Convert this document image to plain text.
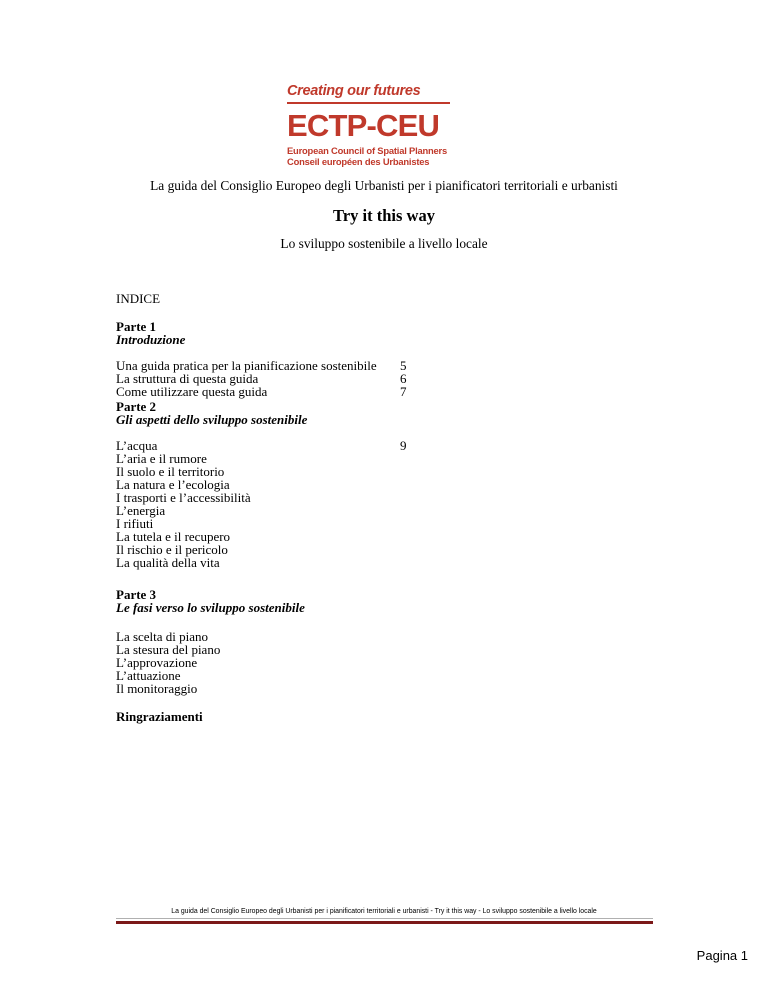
Creating our futures
ECTP-CEU
European Council of Spatial Planners
Conseil européen des Urbanistes
La guida del Consiglio Europeo degli Urbanisti per i pianificatori territoriali e urbanisti
Try it this way
Lo sviluppo sostenibile a livello locale
INDICE
Parte 1
Introduzione
Una guida pratica per la pianificazione sostenibile
La struttura di questa guida
Come utilizzare questa guida
5
6
7
Parte 2
Gli aspetti dello sviluppo sostenibile
L’acqua
L’aria e il rumore
Il suolo e il territorio
La natura e l’ecologia
I trasporti e l’accessibilità
L’energia
I rifiuti
La tutela e il recupero
Il rischio e il pericolo
La qualità della vita
9
Parte 3
Le fasi verso lo sviluppo sostenibile
La scelta di piano
La stesura del piano
L’approvazione
L’attuazione
Il monitoraggio
Ringraziamenti
La guida del Consiglio Europeo degli Urbanisti per i pianificatori territoriali e urbanisti - Try it this way - Lo sviluppo sostenibile a livello locale
Pagina 1
